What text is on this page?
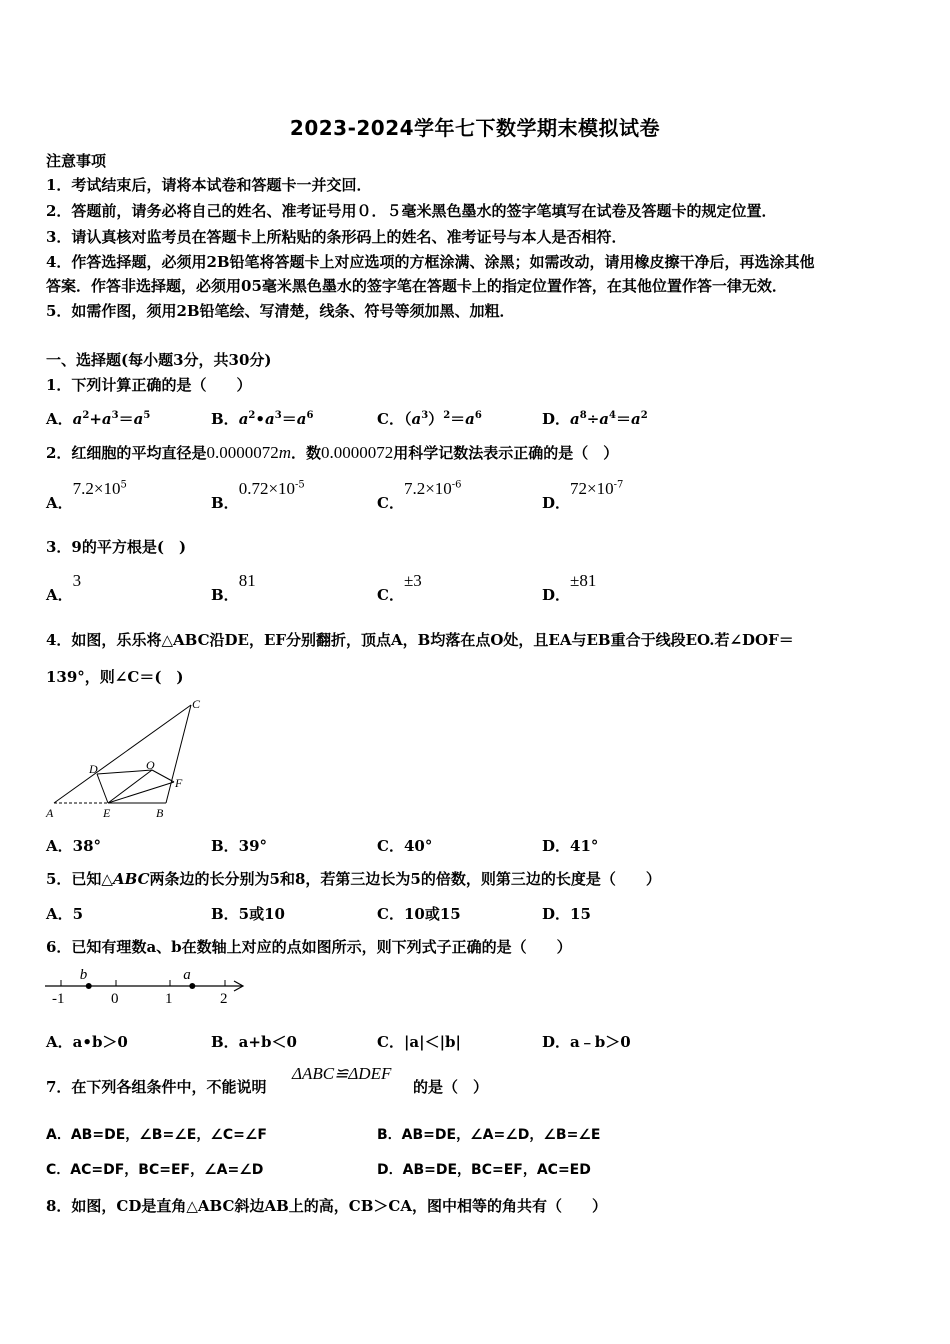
2023-2024学年七下数学期末模拟试卷
注意事项
1．考试结束后，请将本试卷和答题卡一并交回．
2．答题前，请务必将自己的姓名、准考证号用０．５毫米黑色墨水的签字笔填写在试卷及答题卡的规定位置．
3．请认真核对监考员在答题卡上所粘贴的条形码上的姓名、准考证号与本人是否相符．
4．作答选择题，必须用2B铅笔将答题卡上对应选项的方框涂满、涂黑；如需改动，请用橡皮擦干净后，再选涂其他
答案．作答非选择题，必须用05毫米黑色墨水的签字笔在答题卡上的指定位置作答，在其他位置作答一律无效．
5．如需作图，须用2B铅笔绘、写清楚，线条、符号等须加黑、加粗．
一、选择题(每小题3分，共30分)
1．下列计算正确的是（　　）
A．$a^2+a^3=a^5$	B．$a^2•a^3=a^6$	C．$(a^3)^2=a^6$	D．$a^8\div a^4=a^2$
2．红细胞的平均直径是0.0000072m．数0.0000072用科学记数法表示正确的是（　）
A．$7.2\times 10^5$
B．$0.72\times 10^{-5}$
C．$7.2\times 10^{-6}$
D．$72\times 10^{-7}$
3．9的平方根是(　)
A．3
B．81
C．±3
D．±81
4．如图，乐乐将△ABC沿DE，EF分别翻折，顶点A，B均落在点O处，且EA与EB重合于线段EO.若∠DOF＝
139°，则∠C＝(　)
C
D	O
F
A	E	B
A．38°	B．39°	C．40°	D．41°
5．已知△ABC两条边的长分别为5和8，若第三边长为5的倍数，则第三边的长度是（　　）
A．5	B．5或10	C．10或15	D．15
6．已知有理数a、b在数轴上对应的点如图所示，则下列式子正确的是（　　）
-1	0	1	2
b	a
A．a•b＞0	B．a+b＜0	C．|a|＜|b|	D．a﹣b＞0
7．在下列各组条件中，不能说明
ΔABC≌ΔDEF
的是（　）
A．AB=DE，∠B=∠E，∠C=∠F	B．AB=DE，∠A=∠D，∠B=∠E
C．AC=DF，BC=EF，∠A=∠D	D．AB=DE，BC=EF，AC=ED
8．如图，CD是直角△ABC斜边AB上的高，CB＞CA，图中相等的角共有（　　）
